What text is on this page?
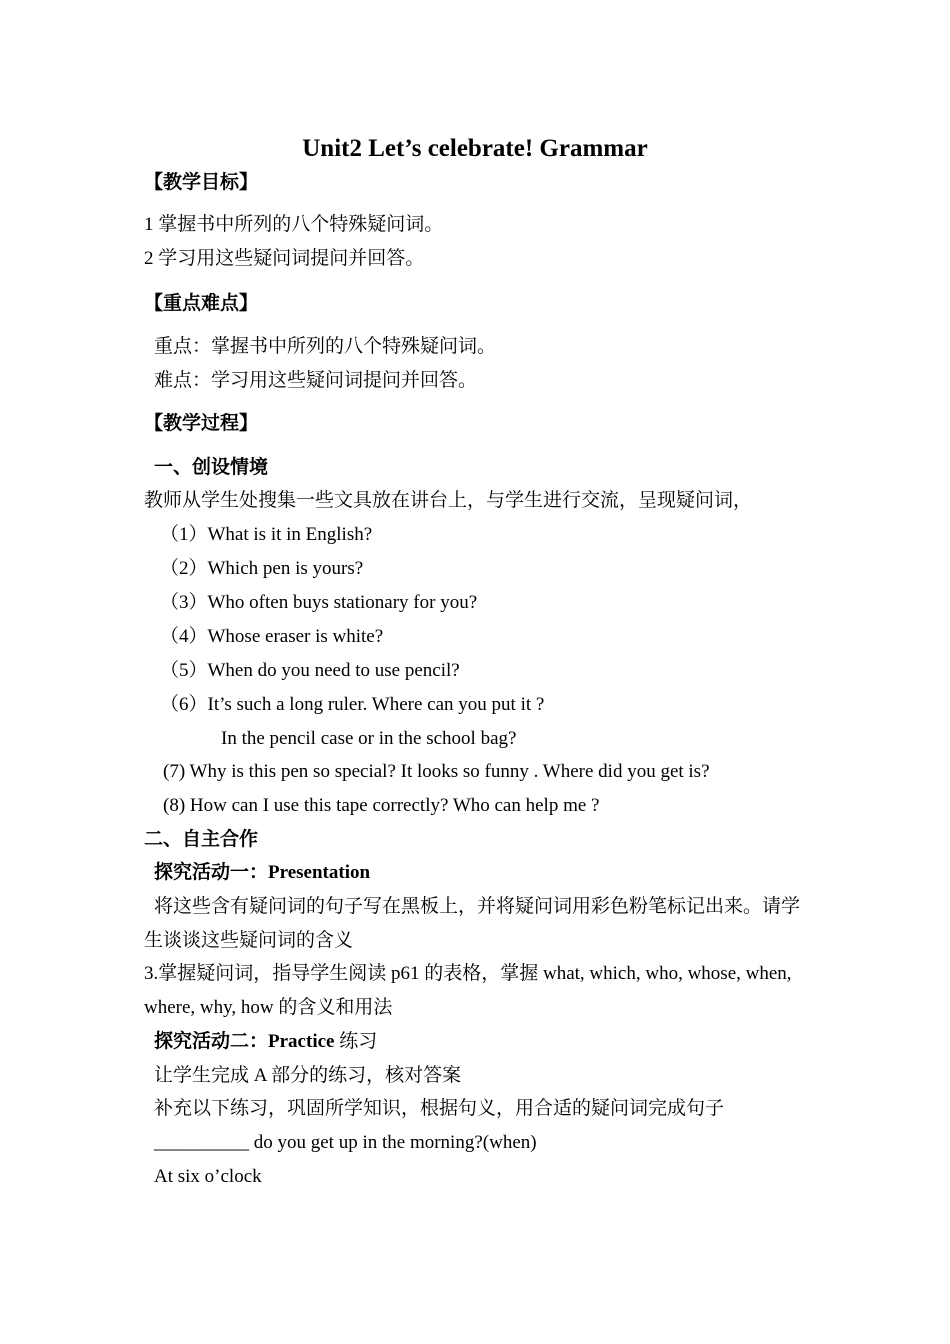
Unit2 Let’s celebrate! Grammar
【教学目标】
1 掌握书中所列的八个特殊疑问词。
2 学习用这些疑问词提问并回答。
【重点难点】
重点：掌握书中所列的八个特殊疑问词。
难点：学习用这些疑问词提问并回答。
【教学过程】
一、创设情境
教师从学生处搜集一些文具放在讲台上，与学生进行交流，呈现疑问词，
（1）What is it in English?
（2）Which pen is yours?
（3）Who often buys stationary for you?
（4）Whose eraser is white?
（5）When do you need to use pencil?
（6）It’s such a long ruler. Where can you put it ?
In the pencil case or in the school bag?
(7) Why is this pen so special? It looks so funny . Where did you get is?
(8) How can I use this tape correctly? Who can help me ?
二、自主合作
探究活动一：Presentation
将这些含有疑问词的句子写在黑板上，并将疑问词用彩色粉笔标记出来。请学
生谈谈这些疑问词的含义
3.掌握疑问词，指导学生阅读 p61 的表格，掌握 what, which, who, whose, when,
where, why, how 的含义和用法
探究活动二：Practice 练习
让学生完成 A 部分的练习，核对答案
补充以下练习，巩固所学知识，根据句义，用合适的疑问词完成句子
__________ do you get up in the morning?(when)
At six o’clock
